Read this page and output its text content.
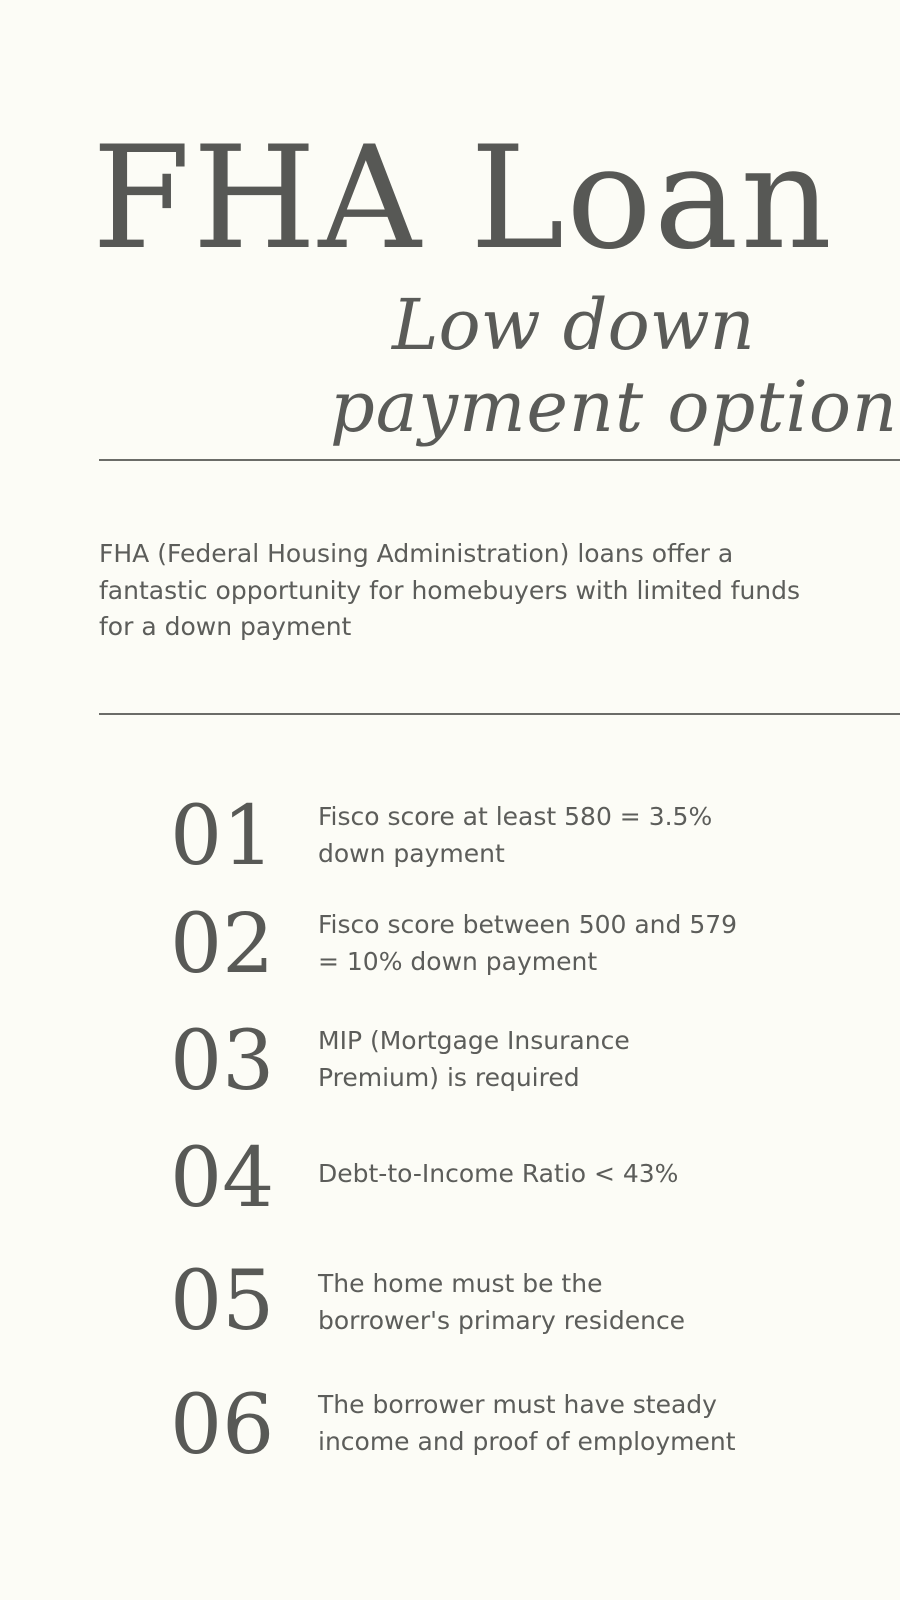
FHA Loan
Low down
payment option

FHA (Federal Housing Administration) loans offer a fantastic opportunity for homebuyers with limited funds for a down payment

01 Fisco score at least 580 = 3.5% down payment
02 Fisco score between 500 and 579 = 10% down payment
03 MIP (Mortgage Insurance Premium) is required
04 Debt-to-Income Ratio < 43%
05 The home must be the borrower's primary residence
06 The borrower must have steady income and proof of employment
